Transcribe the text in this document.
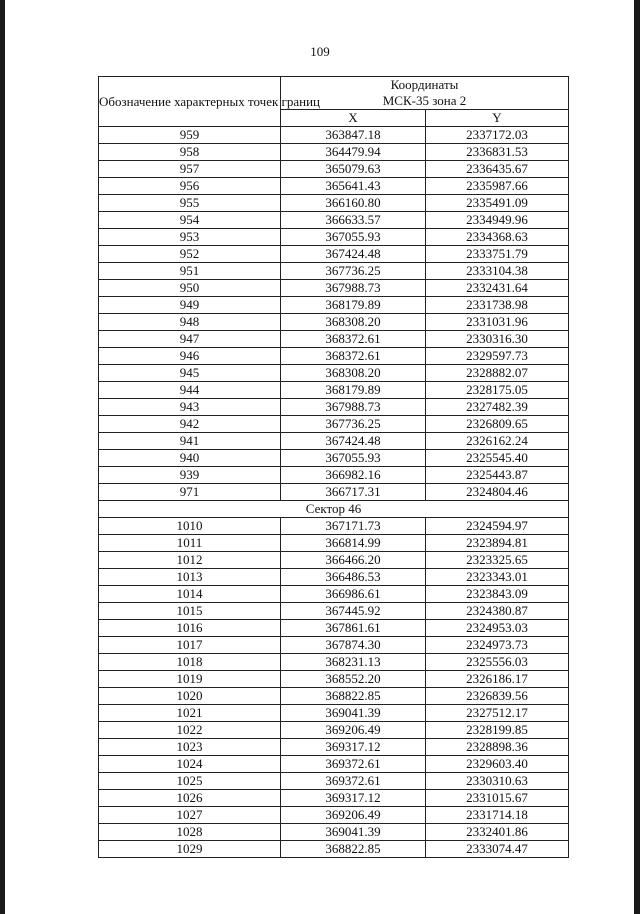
109
Обозначение характерных точек границ	Координаты
МСК-35 зона 2	

	X	Y
959	363847.18	2337172.03
958	364479.94	2336831.53
957	365079.63	2336435.67
956	365641.43	2335987.66
955	366160.80	2335491.09
954	366633.57	2334949.96
953	367055.93	2334368.63
952	367424.48	2333751.79
951	367736.25	2333104.38
950	367988.73	2332431.64
949	368179.89	2331738.98
948	368308.20	2331031.96
947	368372.61	2330316.30
946	368372.61	2329597.73
945	368308.20	2328882.07
944	368179.89	2328175.05
943	367988.73	2327482.39
942	367736.25	2326809.65
941	367424.48	2326162.24
940	367055.93	2325545.40
939	366982.16	2325443.87
971	366717.31	2324804.46
Сектор 46		
1010	367171.73	2324594.97
1011	366814.99	2323894.81
1012	366466.20	2323325.65
1013	366486.53	2323343.01
1014	366986.61	2323843.09
1015	367445.92	2324380.87
1016	367861.61	2324953.03
1017	367874.30	2324973.73
1018	368231.13	2325556.03
1019	368552.20	2326186.17
1020	368822.85	2326839.56
1021	369041.39	2327512.17
1022	369206.49	2328199.85
1023	369317.12	2328898.36
1024	369372.61	2329603.40
1025	369372.61	2330310.63
1026	369317.12	2331015.67
1027	369206.49	2331714.18
1028	369041.39	2332401.86
1029	368822.85	2333074.47
